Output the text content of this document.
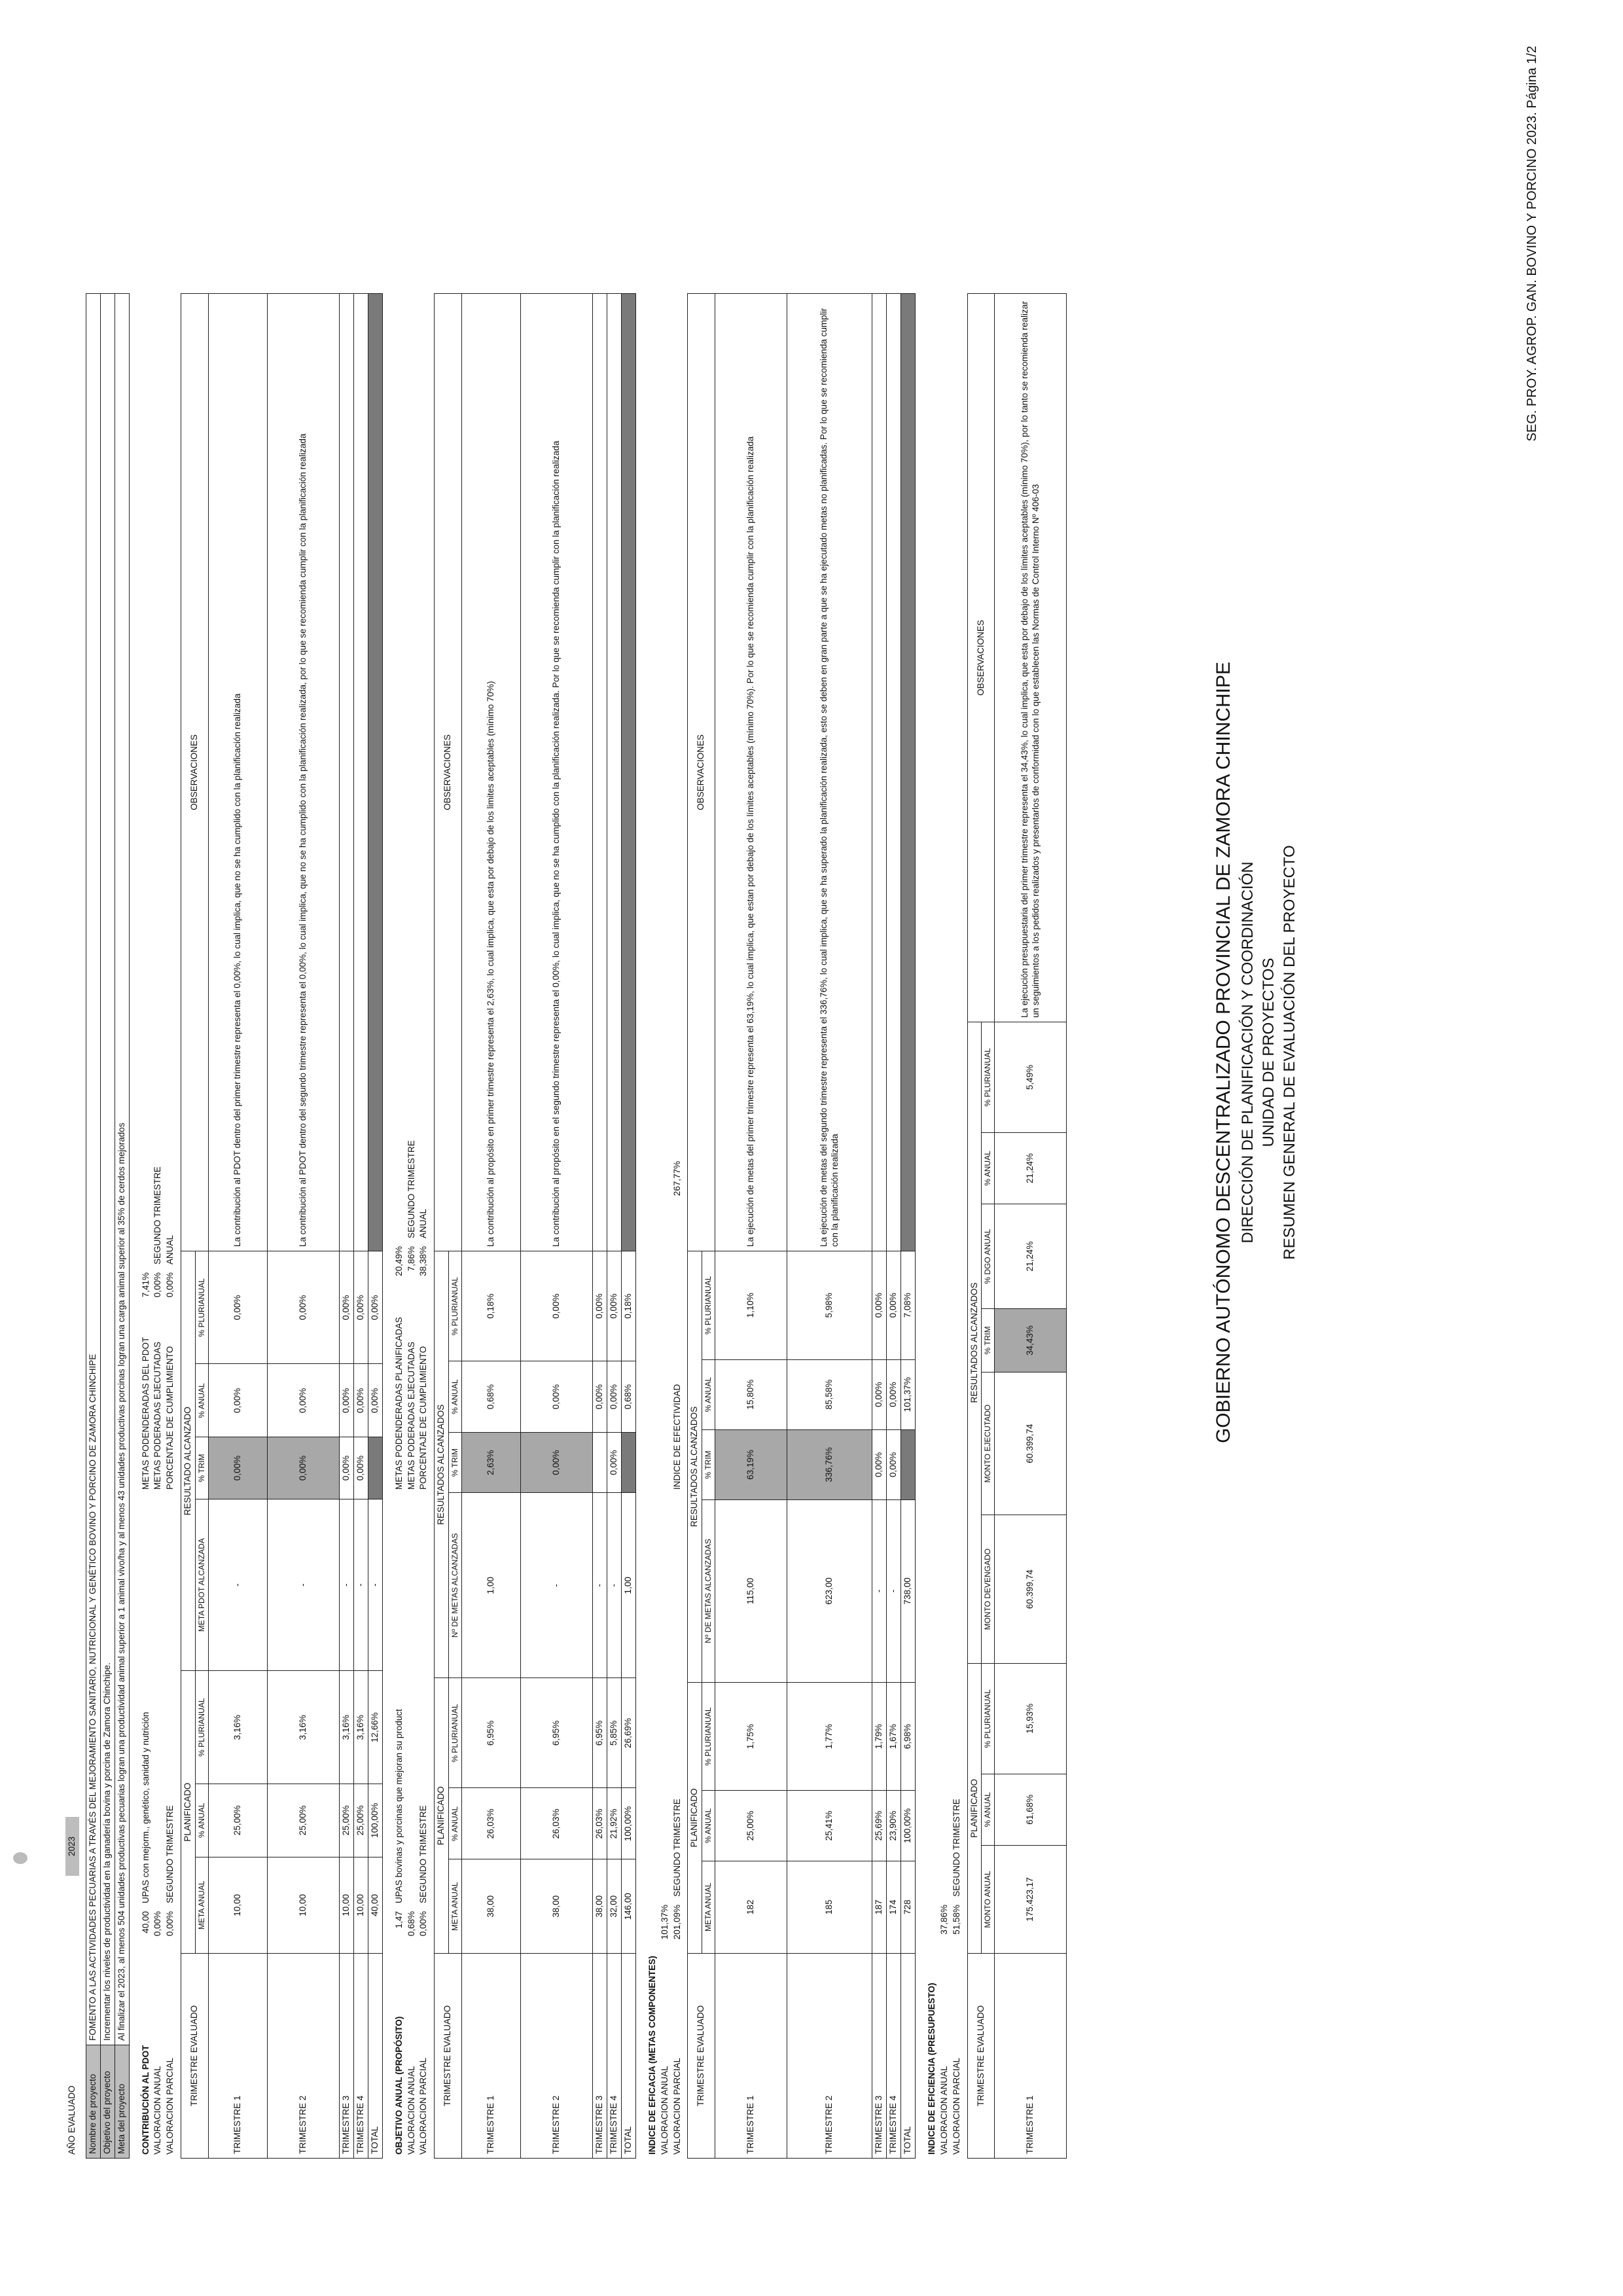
GOBIERNO AUTÓNOMO DESCENTRALIZADO PROVINCIAL DE ZAMORA CHINCHIPE DIRECCIÓN DE PLANIFICACIÓN Y COORDINACIÓN UNIDAD DE PROYECTOS RESUMEN GENERAL DE EVALUACIÓN DEL PROYECTO
AÑO EVALUADO	2023
Nombre de proyecto	FOMENTO A LAS ACTIVIDADES PECUARIAS A TRAVÉS DEL MEJORAMIENTO SANITARIO, NUTRICIONAL Y GENÉTICO BOVINO Y PORCINO DE ZAMORA CHINCHIPE
Objetivo del proyecto	Incrementar los niveles de productividad en la ganadería bovina y porcina de Zamora Chinchipe.
Meta del proyecto	Al finalizar el 2023, al menos 504 unidades productivas pecuarias logran una productividad animal superior a 1 animal vivo/ha y al menos 43 unidades productivas porcinas logran una carga animal superior al 35% de cerdos mejorados
CONTRIBUCIÓN AL PDOT	40,00	UPAS con mejorm., genético, sanidad y nutrición	METAS PODENDERADAS DEL PDOT	7,41%	
VALORACION ANUAL	0,00%		METAS PODERADAS EJECUTADAS	0,00%	SEGUNDO TRIMESTRE
VALORACION PARCIAL	0,00%	SEGUNDO TRIMESTRE	PORCENTAJE DE CUMPLIMIENTO	0,00%	ANUAL
TRIMESTRE EVALUADO	PLANIFICADO			RESULTADO ALCANZADO				OBSERVACIONES
	META ANUAL	% ANUAL	% PLURIANUAL	META PDOT ALCANZADA	% TRIM	% ANUAL	% PLURIANUAL	
TRIMESTRE 1	10,00	25,00%	3,16%	-	0,00%	0,00%	0,00%	La contribución al PDOT dentro del primer trimestre representa el 0,00%, lo cual implica, que no se ha cumplido con la planificación realizada
TRIMESTRE 2	10,00	25,00%	3,16%	-	0,00%	0,00%	0,00%	La contribución al PDOT dentro del segundo trimestre representa el 0,00%, lo cual implica, que no se ha cumplido con la planificación realizada, por lo que se recomienda cumplir con la planificación realizada
TRIMESTRE 3	10,00	25,00%	3,16%	-	0,00%	0,00%	0,00%	
TRIMESTRE 4	10,00	25,00%	3,16%	-	0,00%	0,00%	0,00%	
TOTAL	40,00	100,00%	12,66%	-		0,00%	0,00%	
OBJETIVO ANUAL (PROPÓSITO)	1,47	UPAS bovinas y porcinas que mejoran su product	METAS PODENDERADAS PLANIFICADAS	20,49%	
VALORACION ANUAL	0,68%		METAS PODERADAS EJECUTADAS	7,86%	SEGUNDO TRIMESTRE
VALORACION PARCIAL	0,00%	SEGUNDO TRIMESTRE	PORCENTAJE DE CUMPLIMIENTO	38,38%	ANUAL
TRIMESTRE EVALUADO	PLANIFICADO			RESULTADOS ALCANZADOS				OBSERVACIONES
	META ANUAL	% ANUAL	% PLURIANUAL	Nº DE METAS ALCANZADAS	% TRIM	% ANUAL	% PLURIANUAL	
TRIMESTRE 1	38,00	26,03%	6,95%	1,00	2,63%	0,68%	0,18%	La contribución al propósito en primer trimestre representa el 2,63%, lo cual implica, que esta por debajo de los limites aceptables (mínimo 70%)
TRIMESTRE 2	38,00	26,03%	6,95%	-	0,00%	0,00%	0,00%	La contribución al propósito en el segundo trimestre representa el 0,00%, lo cual implica, que no se ha cumplido con la planificación realizada. Por lo que se recomienda cumplir con la planificación realizada
TRIMESTRE 3	38,00	26,03%	6,95%	-		0,00%	0,00%	
TRIMESTRE 4	32,00	21,92%	5,85%	-	0,00%	0,00%	0,00%	
TOTAL	146,00	100,00%	26,69%	1,00		0,68%	0,18%	
INDICE DE EFICACIA (METAS COMPONENTES)			
VALORACION ANUAL	101,37%		
VALORACION PARCIAL	201,09%	SEGUNDO TRIMESTRE	INDICE DE EFECTIVIDAD  267,77%
TRIMESTRE EVALUADO	PLANIFICADO			RESULTADOS ALCANZADOS				OBSERVACIONES
	META ANUAL	% ANUAL	% PLURIANUAL	Nº DE METAS ALCANZADAS	% TRIM	% ANUAL	% PLURIANUAL	
TRIMESTRE 1	182	25,00%	1,75%	115,00	63,19%	15,80%	1,10%	La ejecución de metas del primer trimestre representa el 63,19%, lo cual implica, que estan por debajo de los límites aceptables (mínimo 70%). Por lo que se recomienda cumplir con la planificación realizada
TRIMESTRE 2	185	25,41%	1,77%	623,00	336,76%	85,58%	5,98%	La ejecución de metas del segundo trimestre representa el 336,76%, lo cual implica, que se ha superado la planificación realizada, esto se deben en gran parte a que se ha ejecutado metas no planificadas. Por lo que se recomienda cumplir con la planificación realizada
TRIMESTRE 3	187	25,69%	1,79%	-	0,00%	0,00%	0,00%	
TRIMESTRE 4	174	23,90%	1,67%	-	0,00%	0,00%	0,00%	
TOTAL	728	100,00%	6,98%	738,00		101,37%	7,08%	
INDICE DE EFICIENCIA (PRESUPUESTO)		
VALORACION ANUAL	37,86%	
VALORACION PARCIAL	51,58%	SEGUNDO TRIMESTRE
TRIMESTRE EVALUADO	PLANIFICADO			RESULTADOS ALCANZADOS						OBSERVACIONES
	MONTO ANUAL	% ANUAL	% PLURIANUAL	MONTO DEVENGADO	MONTO EJECUTADO	% TRIM	% DGO ANUAL	% ANUAL	% PLURIANUAL	
TRIMESTRE 1	175.423,17	61,68%	15,93%	60.399,74	60.399,74	34,43%	21,24%	21,24%	5,49%	La ejecución presupuestaria del primer trimestre representa el 34,43%, lo cual implica, que esta por debajo de los límites aceptables (mínimo 70%), por lo tanto se recomienda realizar un seguimientos a los pedidos realizados y presentarlos de conformidad con lo que establecen las Normas de Control Interno Nº 406-03
SEG. PROY. AGROP. GAN. BOVINO Y PORCINO 2023. Página 1/2
